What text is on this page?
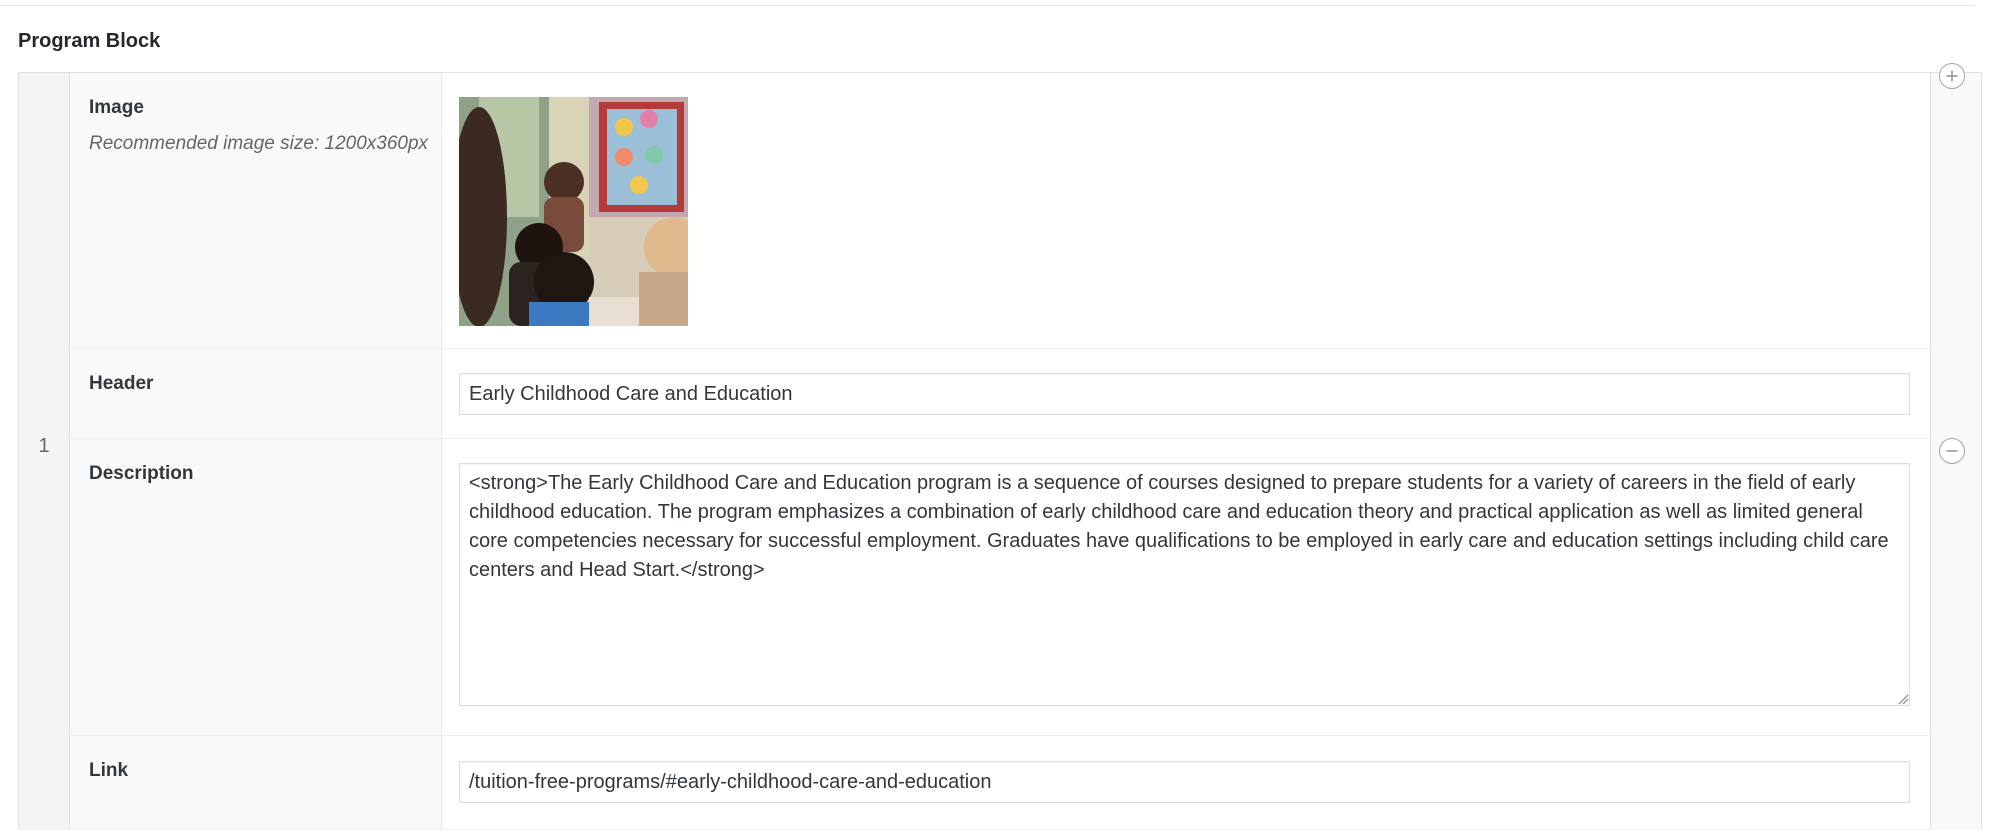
Program Block
1
Image
Recommended image size: 1200x360px
Header
Early Childhood Care and Education
Description
<strong>The Early Childhood Care and Education program is a sequence of courses designed to prepare students for a variety of careers in the field of early childhood education. The program emphasizes a combination of early childhood care and education theory and practical application as well as limited general core competencies necessary for successful employment. Graduates have qualifications to be employed in early care and education settings including child care centers and Head Start.</strong>
Link
/tuition-free-programs/#early-childhood-care-and-education
